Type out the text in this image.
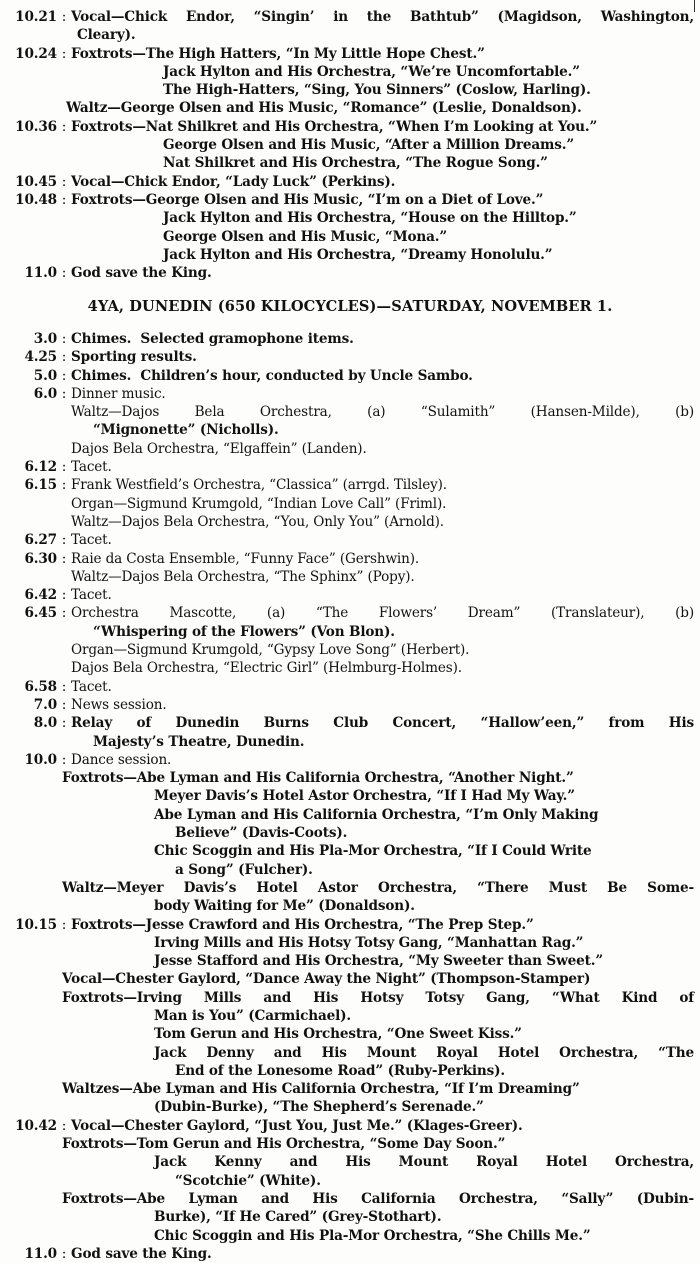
10.21 : Vocal—Chick Endor, “Singin’ in the Bathtub” (Magidson, Washington,
Cleary).
10.24 : Foxtrots—The High Hatters, “In My Little Hope Chest.”
Jack Hylton and His Orchestra, “We’re Uncomfortable.”
The High-Hatters, “Sing, You Sinners” (Coslow, Harling).
Waltz—George Olsen and His Music, “Romance” (Leslie, Donaldson).
10.36 : Foxtrots—Nat Shilkret and His Orchestra, “When I’m Looking at You.”
George Olsen and His Music, “After a Million Dreams.”
Nat Shilkret and His Orchestra, “The Rogue Song.”
10.45 : Vocal—Chick Endor, “Lady Luck” (Perkins).
10.48 : Foxtrots—George Olsen and His Music, “I’m on a Diet of Love.”
Jack Hylton and His Orchestra, “House on the Hilltop.”
George Olsen and His Music, “Mona.”
Jack Hylton and His Orchestra, “Dreamy Honolulu.”
11.0 : God save the King.
4YA, DUNEDIN (650 KILOCYCLES)—SATURDAY, NOVEMBER 1.
3.0 : Chimes.  Selected gramophone items.
4.25 : Sporting results.
5.0 : Chimes.  Children’s hour, conducted by Uncle Sambo.
6.0 : Dinner music.
Waltz—Dajos Bela Orchestra, (a) “Sulamith” (Hansen-Milde), (b)
“Mignonette” (Nicholls).
Dajos Bela Orchestra, “Elgaffein” (Landen).
6.12 : Tacet.
6.15 : Frank Westfield’s Orchestra, “Classica” (arrgd. Tilsley).
Organ—Sigmund Krumgold, “Indian Love Call” (Friml).
Waltz—Dajos Bela Orchestra, “You, Only You” (Arnold).
6.27 : Tacet.
6.30 : Raie da Costa Ensemble, “Funny Face” (Gershwin).
Waltz—Dajos Bela Orchestra, “The Sphinx” (Popy).
6.42 : Tacet.
6.45 : Orchestra Mascotte, (a) “The Flowers’ Dream” (Translateur), (b)
“Whispering of the Flowers” (Von Blon).
Organ—Sigmund Krumgold, “Gypsy Love Song” (Herbert).
Dajos Bela Orchestra, “Electric Girl” (Helmburg-Holmes).
6.58 : Tacet.
7.0 : News session.
8.0 : Relay of Dunedin Burns Club Concert, “Hallow’een,” from His
Majesty’s Theatre, Dunedin.
10.0 : Dance session.
Foxtrots—Abe Lyman and His California Orchestra, “Another Night.”
Meyer Davis’s Hotel Astor Orchestra, “If I Had My Way.”
Abe Lyman and His California Orchestra, “I’m Only Making
Believe” (Davis-Coots).
Chic Scoggin and His Pla-Mor Orchestra, “If I Could Write
a Song” (Fulcher).
Waltz—Meyer Davis’s Hotel Astor Orchestra, “There Must Be Some-
body Waiting for Me” (Donaldson).
10.15 : Foxtrots—Jesse Crawford and His Orchestra, “The Prep Step.”
Irving Mills and His Hotsy Totsy Gang, “Manhattan Rag.”
Jesse Stafford and His Orchestra, “My Sweeter than Sweet.”
Vocal—Chester Gaylord, “Dance Away the Night” (Thompson-Stamper)
Foxtrots—Irving Mills and His Hotsy Totsy Gang, “What Kind of
Man is You” (Carmichael).
Tom Gerun and His Orchestra, “One Sweet Kiss.”
Jack Denny and His Mount Royal Hotel Orchestra, “The
End of the Lonesome Road” (Ruby-Perkins).
Waltzes—Abe Lyman and His California Orchestra, “If I’m Dreaming”
(Dubin-Burke), “The Shepherd’s Serenade.”
10.42 : Vocal—Chester Gaylord, “Just You, Just Me.” (Klages-Greer).
Foxtrots—Tom Gerun and His Orchestra, “Some Day Soon.”
Jack Kenny and His Mount Royal Hotel Orchestra,
“Scotchie” (White).
Foxtrots—Abe Lyman and His California Orchestra, “Sally” (Dubin-
Burke), “If He Cared” (Grey-Stothart).
Chic Scoggin and His Pla-Mor Orchestra, “She Chills Me.”
11.0 : God save the King.
